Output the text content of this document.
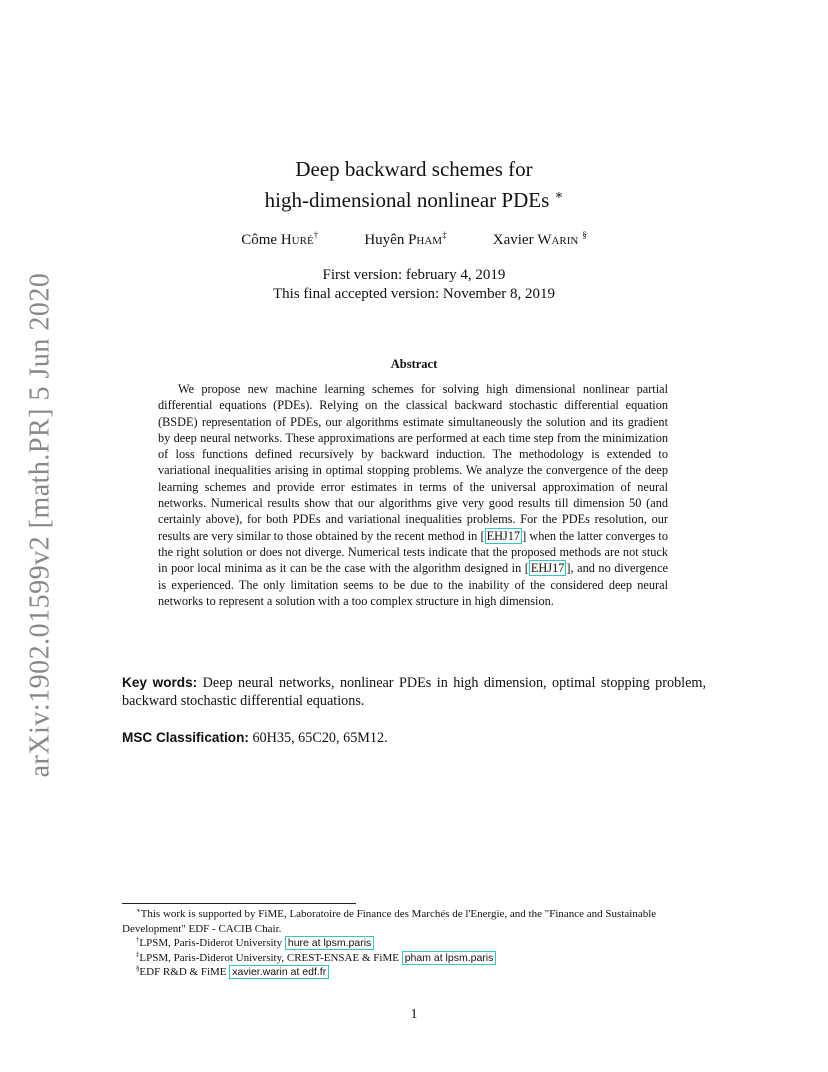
arXiv:1902.01599v2 [math.PR] 5 Jun 2020
Deep backward schemes for
high-dimensional nonlinear PDEs ∗
Côme Huré†	Huyên Pham‡	Xavier Warin §
First version: february 4, 2019
This final accepted version: November 8, 2019
Abstract

We propose new machine learning schemes for solving high dimensional nonlinear partial differential equations (PDEs). Relying on the classical backward stochastic differential equation (BSDE) representation of PDEs, our algorithms estimate simultaneously the solution and its gradient by deep neural networks. These approximations are performed at each time step from the minimization of loss functions defined recursively by backward induction. The methodology is extended to variational inequalities arising in optimal stopping problems. We analyze the convergence of the deep learning schemes and provide error estimates in terms of the universal approximation of neural networks. Numerical results show that our algorithms give very good results till dimension 50 (and certainly above), for both PDEs and variational inequalities problems. For the PDEs resolution, our results are very similar to those obtained by the recent method in [ EHJ17 ] when the latter converges to the right solution or does not diverge. Numerical tests indicate that the proposed methods are not stuck in poor local minima as it can be the case with the algorithm designed in [ EHJ17 ], and no divergence is experienced. The only limitation seems to be due to the inability of the considered deep neural networks to represent a solution with a too complex structure in high dimension.

Key words: Deep neural networks, nonlinear PDEs in high dimension, optimal stopping problem, backward stochastic differential equations.

MSC Classification: 60H35, 65C20, 65M12.

∗This work is supported by FiME, Laboratoire de Finance des Marchés de l'Energie, and the "Finance and Sustainable Development" EDF - CACIB Chair.

†LPSM, Paris-Diderot University hure at lpsm.paris

‡LPSM, Paris-Diderot University, CREST-ENSAE & FiME pham at lpsm.paris

§EDF R&D & FiME xavier.warin at edf.fr

1
